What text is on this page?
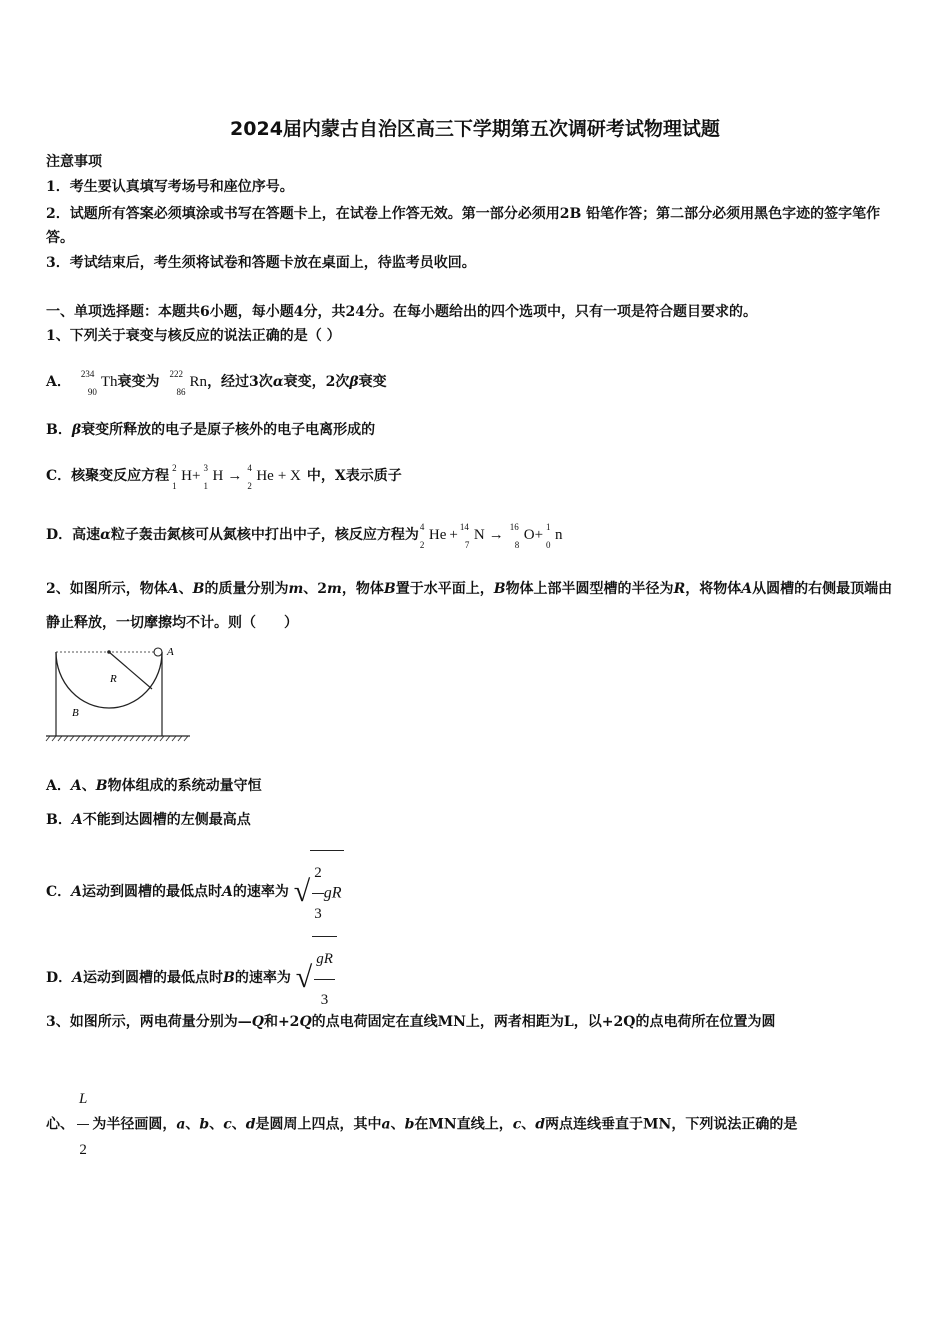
2024届内蒙古自治区高三下学期第五次调研考试物理试题
注意事项
1．考生要认真填写考场号和座位序号。
2．试题所有答案必须填涂或书写在答题卡上，在试卷上作答无效。第一部分必须用2B 铅笔作答；第二部分必须用黑色字迹的签字笔作答。
3．考试结束后，考生须将试卷和答题卡放在桌面上，待监考员收回。
一、单项选择题：本题共6小题，每小题4分，共24分。在每小题给出的四个选项中，只有一项是符合题目要求的。
1、下列关于衰变与核反应的说法正确的是（ ）
A． 234
90
Th衰变为 222
86
Rn，经过3次α衰变，2次β衰变
B．β衰变所释放的电子是原子核外的电子电离形成的
C．核聚变反应方程 2
1
H+ 3
1
H → 4
2
He + X 中，X表示质子
D．高速α粒子轰击氮核可从氮核中打出中子，核反应方程为 4
2
He + 14
7
N → 16
8
O+ 1
0
n
2、如图所示，物体A、B的质量分别为m、2m，物体B置于水平面上，B物体上部半圆型槽的半径为R，将物体A从圆槽的右侧最顶端由静止释放，一切摩擦均不计。则（　　）
A
R
B
A．A、B物体组成的系统动量守恒
B．A不能到达圆槽的左侧最高点
C．A运动到圆槽的最低点时A的速率为 √ $\frac{2}{3}$ gR
D．A运动到圆槽的最低点时B的速率为 √ $\frac{gR}{3}$
3、如图所示，两电荷量分别为—Q和+2Q的点电荷固定在直线MN上，两者相距为L，以+2Q的点电荷所在位置为圆
心、 $\frac{L}{2}$ 为半径画圆，a、b、c、d是圆周上四点，其中a、b在MN直线上，c、d两点连线垂直于MN，下列说法正确的是
